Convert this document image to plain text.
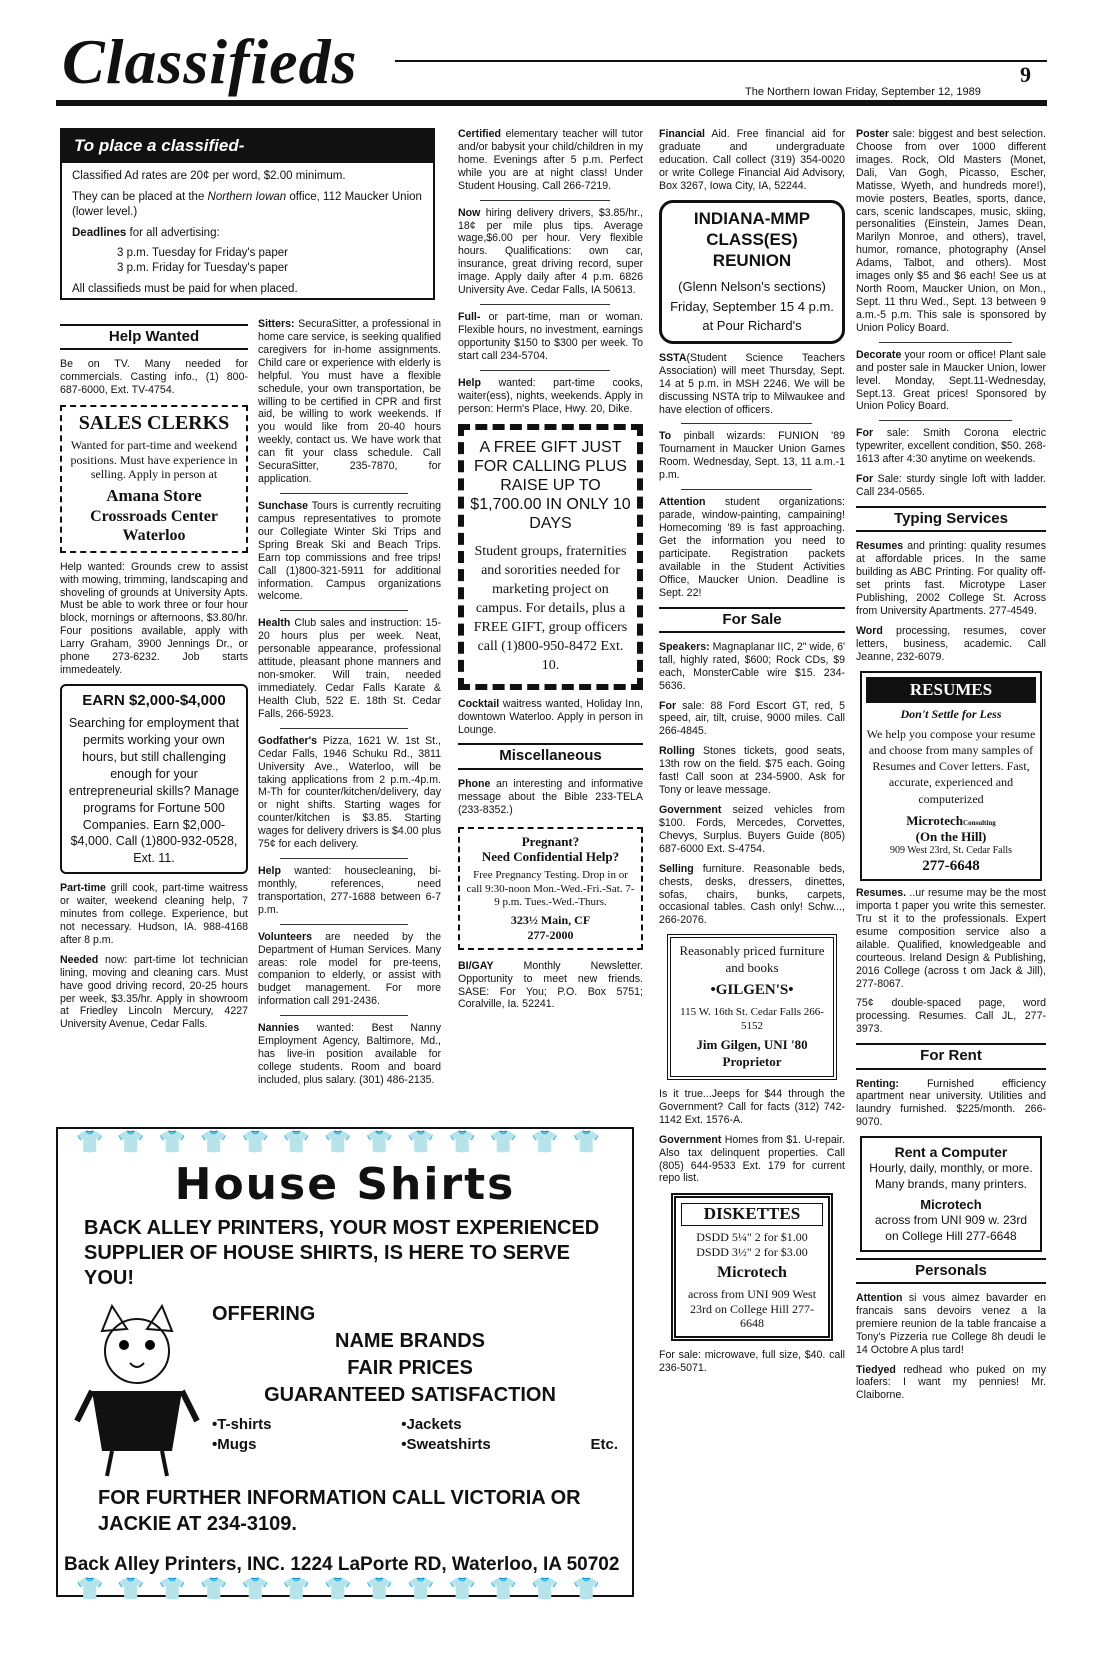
Classifieds	9
The Northern Iowan Friday, September 12, 1989
To place a classified-

Classified Ad rates are 20¢ per word, $2.00 minimum.

They can be placed at the Northern Iowan office, 112 Maucker Union (lower level.)

Deadlines for all advertising:

3 p.m. Tuesday for Friday's paper
3 p.m. Friday for Tuesday's paper

All classifieds must be paid for when placed.

Help Wanted
Be on TV. Many needed for commercials. Casting info., (1) 800-687-6000, Ext. TV-4754.
SALES CLERKS
Wanted for part-time and weekend positions. Must have experience in selling. Apply in person at
Amana Store
Crossroads Center Waterloo
Help wanted: Grounds crew to assist with mowing, trimming, landscaping and shoveling of grounds at University Apts. Must be able to work three or four hour block, mornings or afternoons, $3.80/hr. Four positions available, apply with Larry Graham, 3900 Jennings Dr., or phone 273-6232. Job starts immedeately.
EARN $2,000-$4,000
Searching for employment that permits working your own hours, but still challenging enough for your entrepreneurial skills? Manage programs for Fortune 500 Companies. Earn $2,000- $4,000. Call (1)800-932-0528, Ext. 11.
Part-time grill cook, part-time waitress or waiter, weekend cleaning help, 7 minutes from college. Experience, but not necessary. Hudson, IA. 988-4168 after 8 p.m.
Needed now: part-time lot technician lining, moving and cleaning cars. Must have good driving record, 20-25 hours per week, $3.35/hr. Apply in showroom at Friedley Lincoln Mercury, 4227 University Avenue, Cedar Falls.
Sitters: SecuraSitter, a professional in home care service, is seeking qualified caregivers for in-home assignments. Child care or experience with elderly is helpful. You must have a flexible schedule, your own transportation, be willing to be certified in CPR and first aid, be willing to work weekends. If you would like from 20-40 hours weekly, contact us. We have work that can fit your class schedule. Call SecuraSitter, 235-7870, for application.
Sunchase Tours is currently recruiting campus representatives to promote our Collegiate Winter Ski Trips and Spring Break Ski and Beach Trips. Earn top commissions and free trips! Call (1)800-321-5911 for additional information. Campus organizations welcome.
Health Club sales and instruction: 15-20 hours plus per week. Neat, personable appearance, professional attitude, pleasant phone manners and non-smoker. Will train, needed immediately. Cedar Falls Karate & Health Club, 522 E. 18th St. Cedar Falls, 266-5923.
Godfather's Pizza, 1621 W. 1st St., Cedar Falls, 1946 Schuku Rd., 3811 University Ave., Waterloo, will be taking applications from 2 p.m.-4p.m. M-Th for counter/kitchen/delivery, day or night shifts. Starting wages for counter/kitchen is $3.85. Starting wages for delivery drivers is $4.00 plus 75¢ for each delivery.
Help wanted: housecleaning, bi-monthly, references, need transportation, 277-1688 between 6-7 p.m.
Volunteers are needed by the Department of Human Services. Many areas: role model for pre-teens, companion to elderly, or assist with budget management. For more information call 291-2436.
Nannies wanted: Best Nanny Employment Agency, Baltimore, Md., has live-in position available for college students. Room and board included, plus salary. (301) 486-2135.
Certified elementary teacher will tutor and/or babysit your child/children in my home. Evenings after 5 p.m. Perfect while you are at night class! Under Student Housing. Call 266-7219.
Now hiring delivery drivers, $3.85/hr., 18¢ per mile plus tips. Average wage,$6.00 per hour. Very flexible hours. Qualifications: own car, insurance, great driving record, super image. Apply daily after 4 p.m. 6826 University Ave. Cedar Falls, IA 50613.
Full- or part-time, man or woman. Flexible hours, no investment, earnings opportunity $150 to $300 per week. To start call 234-5704.
Help wanted: part-time cooks, waiter(ess), nights, weekends. Apply in person: Herm's Place, Hwy. 20, Dike.
A FREE GIFT JUST FOR CALLING PLUS RAISE UP TO $1,700.00 IN ONLY 10 DAYS
Student groups, fraternities and sororities needed for marketing project on campus. For details, plus a FREE GIFT, group officers call (1)800-950-8472 Ext. 10.
Cocktail waitress wanted, Holiday Inn, downtown Waterloo. Apply in person in Lounge.
Miscellaneous
Phone an interesting and informative message about the Bible 233-TELA (233-8352.)
Pregnant?
Need Confidential Help?
Free Pregnancy Testing. Drop in or call 9:30-noon Mon.-Wed.-Fri.-Sat. 7-9 p.m. Tues.-Wed.-Thurs.
323½ Main, CF
277-2000
BI/GAY	Monthly Newsletter. Opportunity to meet new friends. SASE: For You; P.O. Box 5751; Coralville, Ia. 52241.
Financial Aid. Free financial aid for graduate and undergraduate education. Call collect (319) 354-0020 or write College Financial Aid Advisory, Box 3267, Iowa City, IA, 52244.
INDIANA-MMP CLASS(ES) REUNION
(Glenn Nelson's sections) Friday, September 15 4 p.m. at Pour Richard's
SSTA(Student Science Teachers Association) will meet Thursday, Sept. 14 at 5 p.m. in MSH 2246. We will be discussing NSTA trip to Milwaukee and have election of officers.
To pinball wizards: FUNION '89 Tournament in Maucker Union Games Room. Wednesday, Sept. 13, 11 a.m.-1 p.m.
Attention student organizations: parade, window-painting, campaining! Homecoming '89 is fast approaching. Get the information you need to participate. Registration packets available in the Student Activities Office, Maucker Union. Deadline is Sept. 22!
For Sale
Speakers: Magnaplanar IIC, 2" wide, 6' tall, highly rated, $600; Rock CDs, $9 each, MonsterCable wire $15. 234-5636.
For sale: 88 Ford Escort GT, red, 5 speed, air, tilt, cruise, 9000 miles. Call 266-4845.
Rolling Stones tickets, good seats, 13th row on the field. $75 each. Going fast! Call soon at 234-5900. Ask for Tony or leave message.
Government seized vehicles from $100. Fords, Mercedes, Corvettes, Chevys, Surplus. Buyers Guide (805) 687-6000 Ext. S-4754.
Selling furniture. Reasonable beds, chests, desks, dressers, dinettes, sofas, chairs, bunks, carpets, occasional tables. Cash only! Schw..., 266-2076.
Reasonably priced furniture and books
•GILGEN'S•
115 W. 16th St. Cedar Falls 266-5152
Jim Gilgen, UNI '80 Proprietor
Is it true...Jeeps for $44 through the Government? Call for facts (312) 742-1142 Ext. 1576-A.
Government Homes from $1. U-repair. Also tax delinquent properties. Call (805) 644-9533 Ext. 179 for current repo list.
DISKETTES
DSDD 5¼" 2 for $1.00
DSDD 3½" 2 for $3.00
Microtech
across from UNI 909 West 23rd on College Hill 277-6648
For sale: microwave, full size, $40. call 236-5071.
Poster sale: biggest and best selection. Choose from over 1000 different images. Rock, Old Masters (Monet, Dali, Van Gogh, Picasso, Escher, Matisse, Wyeth, and hundreds more!), movie posters, Beatles, sports, dance, cars, scenic landscapes, music, skiing, personalities (Einstein, James Dean, Marilyn Monroe, and others), travel, humor, romance, photography (Ansel Adams, Talbot, and others). Most images only $5 and $6 each! See us at North Room, Maucker Union, on Mon., Sept. 11 thru Wed., Sept. 13 between 9 a.m.-5 p.m. This sale is sponsored by Union Policy Board.
Decorate your room or office! Plant sale and poster sale in Maucker Union, lower level. Monday, Sept.11-Wednesday, Sept.13. Great prices! Sponsored by Union Policy Board.
For sale: Smith Corona electric typewriter, excellent condition, $50. 268-1613 after 4:30 anytime on weekends.
For Sale: sturdy single loft with ladder. Call 234-0565.
Typing Services
Resumes and printing: quality resumes at affordable prices. In the same building as ABC Printing. For quality off-set prints fast. Microtype Laser Publishing, 2002 College St. Across from University Apartments. 277-4549.
Word processing, resumes, cover letters, business, academic. Call Jeanne, 232-6079.
RESUMES
Don't Settle for Less
We help you compose your resume and choose from many samples of Resumes and Cover letters. Fast, accurate, experienced and computerized
MicrotechConsulting
(On the Hill)
909 West 23rd, St. Cedar Falls
277-6648
Resumes. ..ur resume may be the most importa t paper you write this semester. Tru st it to the professionals. Expert esume composition service also a ailable. Qualified, knowledgeable and courteous. Ireland Design & Publishing, 2016 College (across t om Jack & Jill), 277-8067.
75¢ double-spaced page, word processing. Resumes. Call JL, 277-3973.
For Rent
Renting:	Furnished efficiency apartment near university. Utilities and laundry furnished. $225/month. 266-9070.
Rent a Computer
Hourly, daily, monthly, or more. Many brands, many printers.
Microtech
across from UNI 909 w. 23rd on College Hill 277-6648
Personals
Attention si vous aimez bavarder en francais sans devoirs venez a la premiere reunion de la table francaise a Tony's Pizzeria rue College 8h deudi le 14 Octobre A plus tard!
Tiedyed redhead who puked on my loafers: I want my pennies! Mr. Claiborne.
👕👕👕👕👕👕👕👕👕👕👕👕👕
House Shirts
BACK ALLEY PRINTERS, YOUR MOST EXPERIENCED SUPPLIER OF HOUSE SHIRTS, IS HERE TO SERVE YOU!
OFFERING
NAME BRANDS
FAIR PRICES
GUARANTEED SATISFACTION
•T-shirts	•Jackets
•Mugs	•Sweatshirts	Etc.
FOR FURTHER INFORMATION CALL VICTORIA OR JACKIE AT 234-3109.
Back Alley Printers, INC. 1224 LaPorte RD, Waterloo, IA 50702
👕👕👕👕👕👕👕👕👕👕👕👕👕
